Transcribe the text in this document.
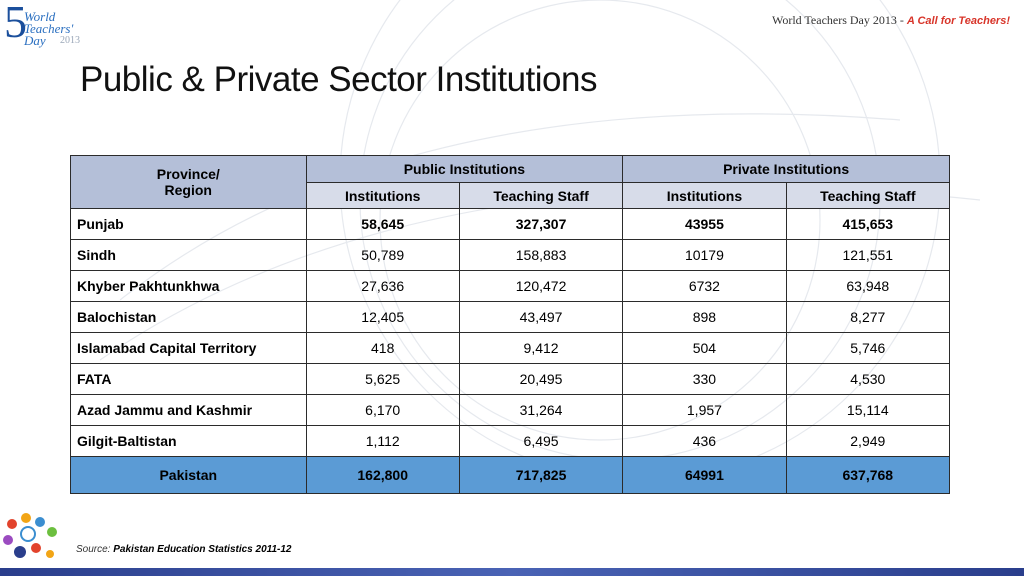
5
World
Teachers'
Day 2013
World Teachers Day 2013 - A Call for Teachers!
Public & Private Sector Institutions
Province/
Region	Public Institutions		Private Institutions	
	Institutions	Teaching Staff	Institutions	Teaching Staff
Punjab	58,645	327,307	43955	415,653
Sindh	50,789	158,883	10179	121,551
Khyber Pakhtunkhwa	27,636	120,472	6732	63,948
Balochistan	12,405	43,497	898	8,277
Islamabad Capital Territory	418	9,412	504	5,746
FATA	5,625	20,495	330	4,530
Azad Jammu and Kashmir	6,170	31,264	1,957	15,114
Gilgit-Baltistan	1,112	6,495	436	2,949
Pakistan	162,800	717,825	64991	637,768
Source: Pakistan Education Statistics 2011-12
